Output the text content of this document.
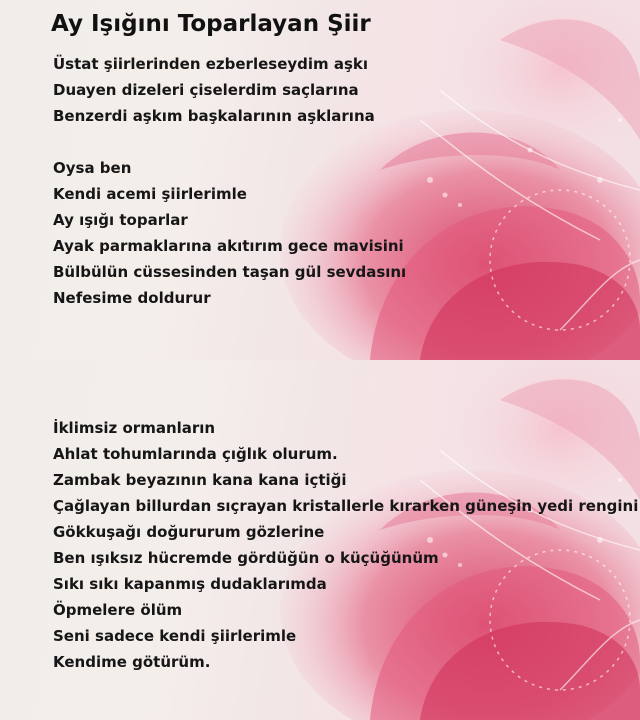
Ay Işığını Toparlayan Şiir
Üstat şiirlerinden ezberleseydim aşkı
Duayen dizeleri çiselerdim saçlarına
Benzerdi aşkım başkalarının aşklarına
Oysa ben
Kendi acemi şiirlerimle
Ay ışığı toparlar
Ayak parmaklarına akıtırım gece mavisini
Bülbülün cüssesinden taşan gül sevdasını
Nefesime doldurur
İklimsiz ormanların
Ahlat tohumlarında çığlık olurum.
Zambak beyazının kana kana içtiği
Çağlayan billurdan sıçrayan kristallerle kırarken güneşin yedi rengini
Gökkuşağı doğururum gözlerine
Ben ışıksız hücremde gördüğün o küçüğünüm
Sıkı sıkı kapanmış dudaklarımda
Öpmelere ölüm
Seni sadece kendi şiirlerimle
Kendime götürüm.
